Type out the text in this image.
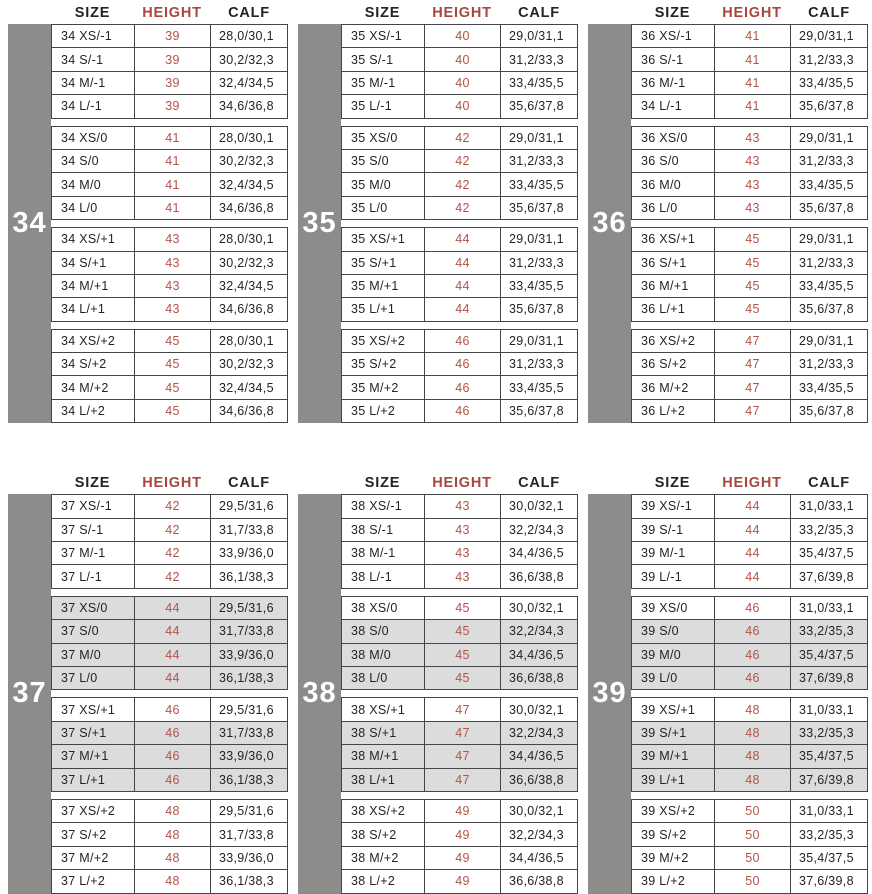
SIZE	HEIGHT	CALF
34
34 XS/-1	39	28,0/30,1
34 S/-1	39	30,2/32,3
34 M/-1	39	32,4/34,5
34 L/-1	39	34,6/36,8
34 XS/0	41	28,0/30,1
34 S/0	41	30,2/32,3
34 M/0	41	32,4/34,5
34 L/0	41	34,6/36,8
34 XS/+1	43	28,0/30,1
34 S/+1	43	30,2/32,3
34 M/+1	43	32,4/34,5
34 L/+1	43	34,6/36,8
34 XS/+2	45	28,0/30,1
34 S/+2	45	30,2/32,3
34 M/+2	45	32,4/34,5
34 L/+2	45	34,6/36,8
SIZE	HEIGHT	CALF
35
35 XS/-1	40	29,0/31,1
35 S/-1	40	31,2/33,3
35 M/-1	40	33,4/35,5
35 L/-1	40	35,6/37,8
35 XS/0	42	29,0/31,1
35 S/0	42	31,2/33,3
35 M/0	42	33,4/35,5
35 L/0	42	35,6/37,8
35 XS/+1	44	29,0/31,1
35 S/+1	44	31,2/33,3
35 M/+1	44	33,4/35,5
35 L/+1	44	35,6/37,8
35 XS/+2	46	29,0/31,1
35 S/+2	46	31,2/33,3
35 M/+2	46	33,4/35,5
35 L/+2	46	35,6/37,8
SIZE	HEIGHT	CALF
36
36 XS/-1	41	29,0/31,1
36 S/-1	41	31,2/33,3
36 M/-1	41	33,4/35,5
34 L/-1	41	35,6/37,8
36 XS/0	43	29,0/31,1
36 S/0	43	31,2/33,3
36 M/0	43	33,4/35,5
36 L/0	43	35,6/37,8
36 XS/+1	45	29,0/31,1
36 S/+1	45	31,2/33,3
36 M/+1	45	33,4/35,5
36 L/+1	45	35,6/37,8
36 XS/+2	47	29,0/31,1
36 S/+2	47	31,2/33,3
36 M/+2	47	33,4/35,5
36 L/+2	47	35,6/37,8
SIZE	HEIGHT	CALF
37
37 XS/-1	42	29,5/31,6
37 S/-1	42	31,7/33,8
37 M/-1	42	33,9/36,0
37 L/-1	42	36,1/38,3
37 XS/0	44	29,5/31,6
37 S/0	44	31,7/33,8
37 M/0	44	33,9/36,0
37 L/0	44	36,1/38,3
37 XS/+1	46	29,5/31,6
37 S/+1	46	31,7/33,8
37 M/+1	46	33,9/36,0
37 L/+1	46	36,1/38,3
37 XS/+2	48	29,5/31,6
37 S/+2	48	31,7/33,8
37 M/+2	48	33,9/36,0
37 L/+2	48	36,1/38,3
SIZE	HEIGHT	CALF
38
38 XS/-1	43	30,0/32,1
38 S/-1	43	32,2/34,3
38 M/-1	43	34,4/36,5
38 L/-1	43	36,6/38,8
38 XS/0	45	30,0/32,1
38 S/0	45	32,2/34,3
38 M/0	45	34,4/36,5
38 L/0	45	36,6/38,8
38 XS/+1	47	30,0/32,1
38 S/+1	47	32,2/34,3
38 M/+1	47	34,4/36,5
38 L/+1	47	36,6/38,8
38 XS/+2	49	30,0/32,1
38 S/+2	49	32,2/34,3
38 M/+2	49	34,4/36,5
38 L/+2	49	36,6/38,8
SIZE	HEIGHT	CALF
39
39 XS/-1	44	31,0/33,1
39 S/-1	44	33,2/35,3
39 M/-1	44	35,4/37,5
39 L/-1	44	37,6/39,8
39 XS/0	46	31,0/33,1
39 S/0	46	33,2/35,3
39 M/0	46	35,4/37,5
39 L/0	46	37,6/39,8
39 XS/+1	48	31,0/33,1
39 S/+1	48	33,2/35,3
39 M/+1	48	35,4/37,5
39 L/+1	48	37,6/39,8
39 XS/+2	50	31,0/33,1
39 S/+2	50	33,2/35,3
39 M/+2	50	35,4/37,5
39 L/+2	50	37,6/39,8
